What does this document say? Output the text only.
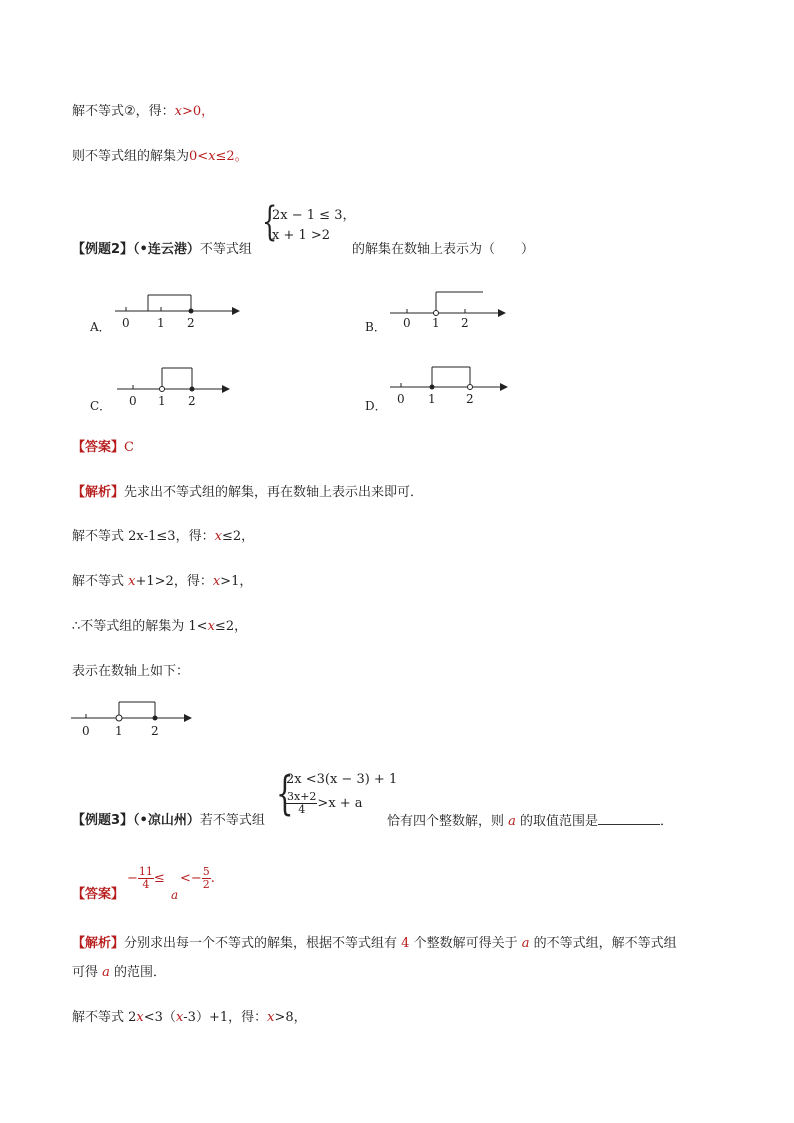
解不等式②，得：x>0，
则不等式组的解集为0<x≤2。
【例题2】（•连云港）不等式组
{
2x − 1 ≤ 3，
x + 1 >2
的解集在数轴上表示为（　　）
A． 0 1 2	B． 0 1 2
C． 0 1 2	D． 0 1	2
【答案】C
【解析】先求出不等式组的解集，再在数轴上表示出来即可．
解不等式 2x‐1≤3，得：x≤2，
解不等式 x+1>2，得：x>1，
∴不等式组的解集为 1<x≤2，
表示在数轴上如下：
0 1 2
【例题3】（•凉山州）若不等式组
{
2x <3(x − 3) + 1
$\frac{3x+2}{4} >x + a$
恰有四个整数解，则 a 的取值范围是	．
【答案】
− $\frac{11}{4}$ ≤
a
<− $\frac{5}{2}$ .
【解析】分别求出每一个不等式的解集，根据不等式组有 4 个整数解可得关于 a 的不等式组，解不等式组
可得 a 的范围．
解不等式 2x<3（x‐3）+1，得：x>8，
